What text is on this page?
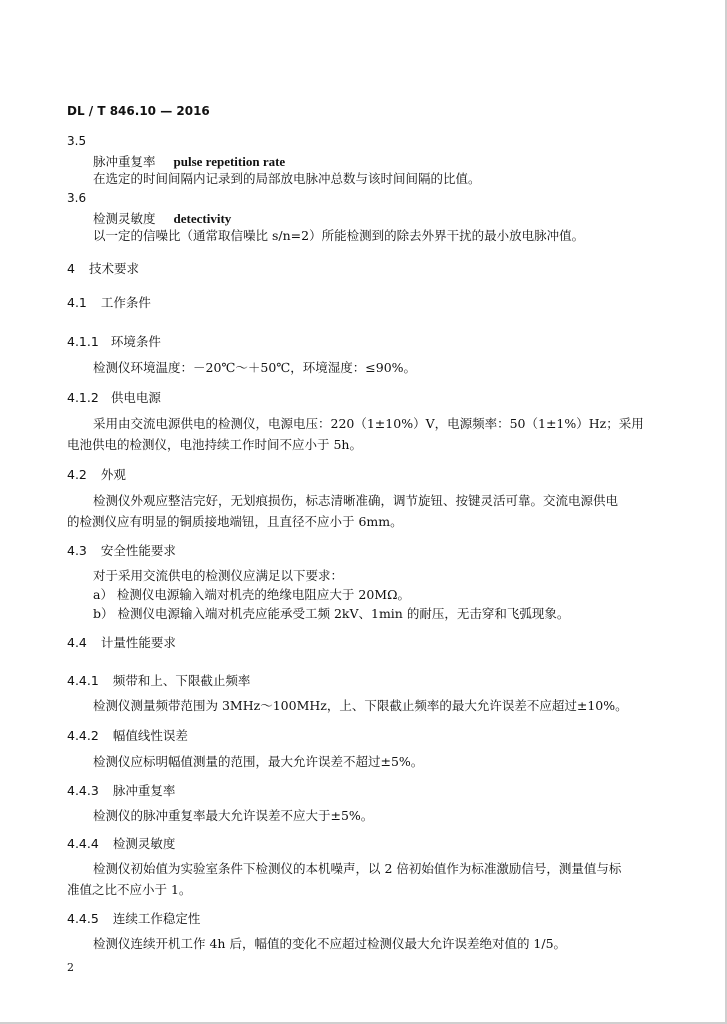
DL / T 846.10 — 2016
3.5
脉冲重复率 pulse repetition rate
在选定的时间间隔内记录到的局部放电脉冲总数与该时间间隔的比值。
3.6
检测灵敏度 detectivity
以一定的信噪比（通常取信噪比 s/n=2）所能检测到的除去外界干扰的最小放电脉冲值。
4 技术要求
4.1 工作条件
4.1.1 环境条件
检测仪环境温度：－20℃～＋50℃，环境湿度：≤90%。
4.1.2 供电电源
采用由交流电源供电的检测仪，电源电压：220（1±10%）V，电源频率：50（1±1%）Hz；采用
电池供电的检测仪，电池持续工作时间不应小于 5h。
4.2 外观
检测仪外观应整洁完好，无划痕损伤，标志清晰准确，调节旋钮、按键灵活可靠。交流电源供电
的检测仪应有明显的铜质接地端钮，且直径不应小于 6mm。
4.3 安全性能要求
对于采用交流供电的检测仪应满足以下要求：
a） 检测仪电源输入端对机壳的绝缘电阻应大于 20MΩ。
b） 检测仪电源输入端对机壳应能承受工频 2kV、1min 的耐压，无击穿和飞弧现象。
4.4 计量性能要求
4.4.1 频带和上、下限截止频率
检测仪测量频带范围为 3MHz～100MHz，上、下限截止频率的最大允许误差不应超过±10%。
4.4.2 幅值线性误差
检测仪应标明幅值测量的范围，最大允许误差不超过±5%。
4.4.3 脉冲重复率
检测仪的脉冲重复率最大允许误差不应大于±5%。
4.4.4 检测灵敏度
检测仪初始值为实验室条件下检测仪的本机噪声，以 2 倍初始值作为标准激励信号，测量值与标
准值之比不应小于 1。
4.4.5 连续工作稳定性
检测仪连续开机工作 4h 后，幅值的变化不应超过检测仪最大允许误差绝对值的 1/5。
2
